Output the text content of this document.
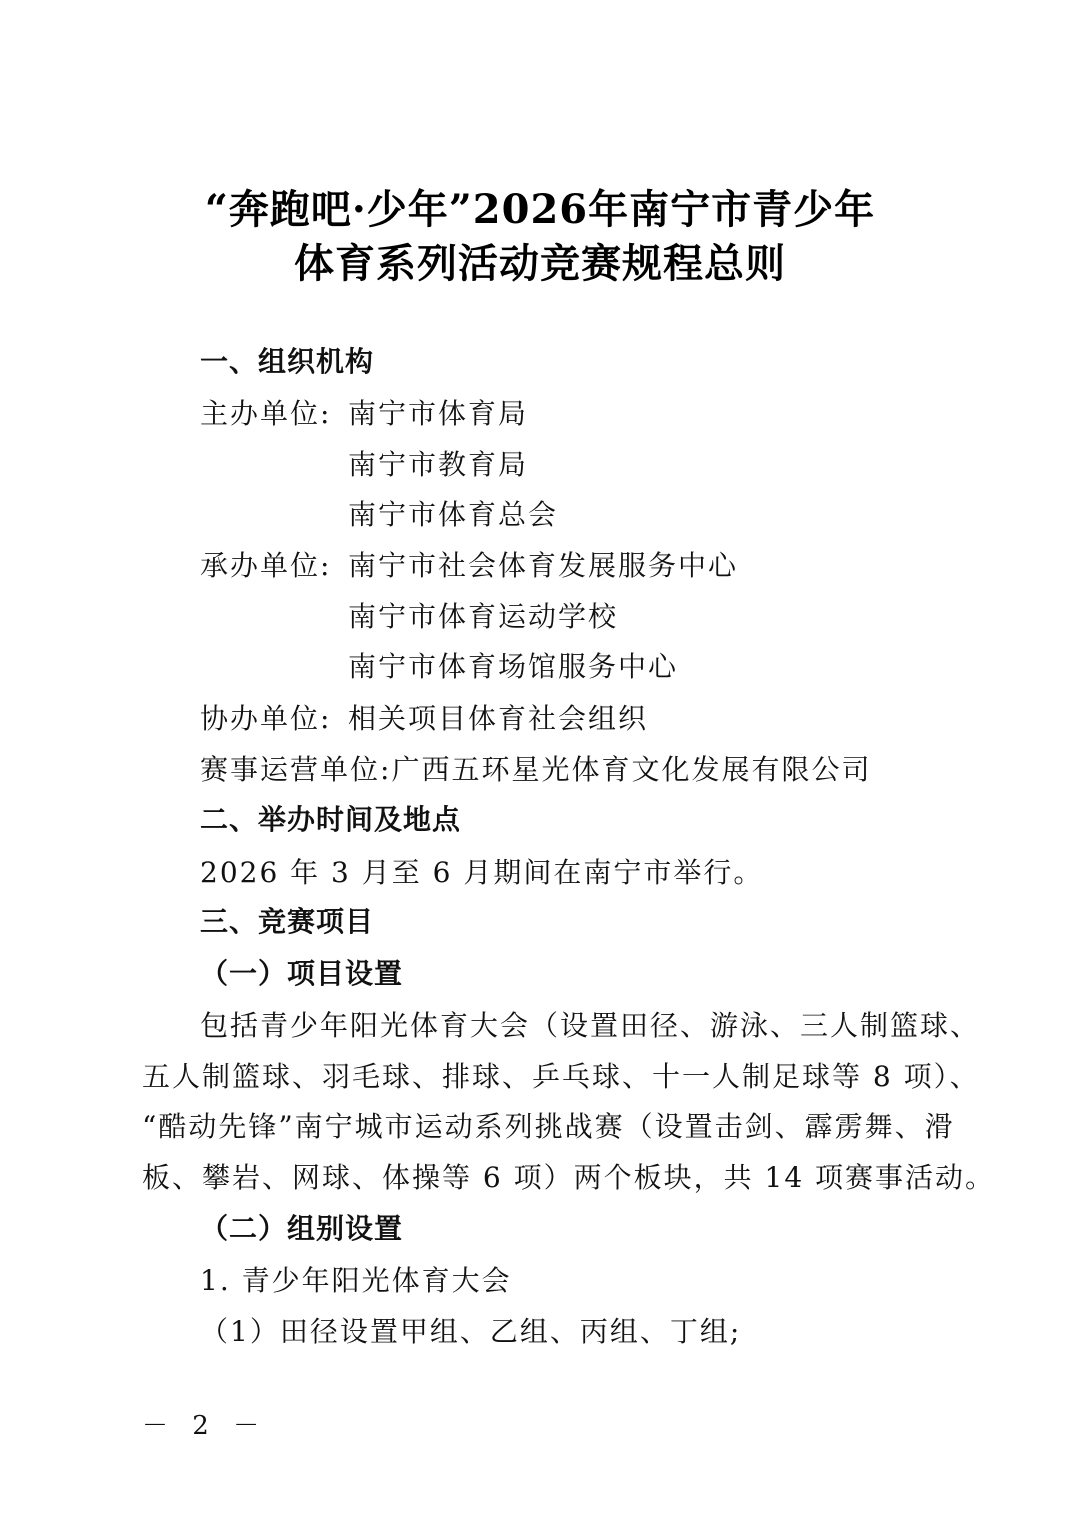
“奔跑吧·少年”2026年南宁市青少年
体育系列活动竞赛规程总则
一、组织机构
主办单位: 南宁市体育局
南宁市教育局
南宁市体育总会
承办单位: 南宁市社会体育发展服务中心
南宁市体育运动学校
南宁市体育场馆服务中心
协办单位: 相关项目体育社会组织
赛事运营单位:广西五环星光体育文化发展有限公司
二、举办时间及地点
2026 年 3 月至 6 月期间在南宁市举行。
三、竞赛项目
（一）项目设置
包括青少年阳光体育大会（设置田径、游泳、三人制篮球、
五人制篮球、羽毛球、排球、乒乓球、十一人制足球等 8 项）、
“酷动先锋”南宁城市运动系列挑战赛（设置击剑、霹雳舞、滑
板、攀岩、网球、体操等 6 项）两个板块，共 14 项赛事活动。
（二）组别设置
1. 青少年阳光体育大会
（1）田径设置甲组、乙组、丙组、丁组;
－ 2 －
